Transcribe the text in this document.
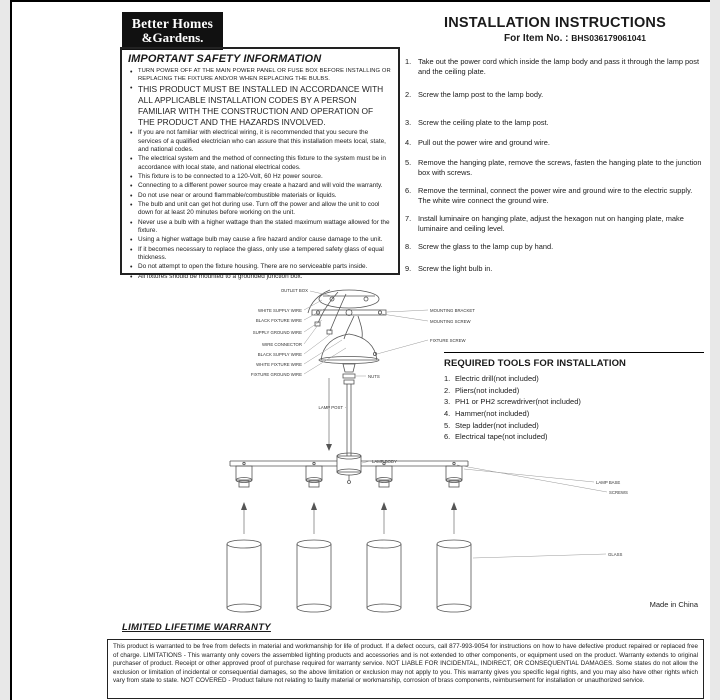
Better Homes
&Gardens.
INSTALLATION INSTRUCTIONS
For Item No. : BHS036179061041
IMPORTANT SAFETY INFORMATION
• TURN POWER OFF AT THE MAIN POWER PANEL OR FUSE BOX BEFORE INSTALLING OR REPLACING THE FIXTURE AND/OR WHEN REPLACING THE BULBS.
• THIS PRODUCT MUST BE INSTALLED IN ACCORDANCE WITH ALL APPLICABLE INSTALLATION CODES BY A PERSON FAMILIAR WITH THE CONSTRUCTION AND OPERATION OF THE PRODUCT AND THE HAZARDS INVOLVED.
• If you are not familiar with electrical wiring, it is recommended that you secure the services of a qualified electrician who can assure that this installation meets local, state, and national codes.
• The electrical system and the method of connecting this fixture to the system must be in accordance with local state, and national electrical codes.
• This fixture is to be connected to a 120-Volt, 60 Hz power source.
• Connecting to a different power source may create a hazard and will void the warranty.
• Do not use near or around flammable/combustible materials or liquids.
• The bulb and unit can get hot during use. Turn off the power and allow the unit to cool down for at least 20 minutes before working on the unit.
• Never use a bulb with a higher wattage than the stated maximum wattage allowed for the fixture.
• Using a higher wattage bulb may cause a fire hazard and/or cause damage to the unit.
• If it becomes necessary to replace the glass, only use a tempered safety glass of equal thickness.
• Do not attempt to open the fixture housing. There are no serviceable parts inside.
• All fixtures should be mounted to a grounded junction box.
1. Take out the power cord which inside the lamp body and pass it through the lamp post and the ceiling plate.
2. Screw the lamp post to the lamp body.
3. Screw the ceiling plate to the lamp post.
4. Pull out the power wire and ground wire.
5. Remove the hanging plate, remove the screws, fasten the hanging plate to the junction box with screws.
6. Remove the terminal, connect the power wire and ground wire to the electric supply. The white wire connect the ground wire.
7. Install luminaire on hanging plate, adjust the hexagon nut on hanging plate, make luminaire and ceiling level.
8. Screw the glass to the lamp cup by hand.
9. Screw the light bulb in.
REQUIRED TOOLS FOR INSTALLATION
1. Electric drill(not included)
2. Pliers(not included)
3. PH1 or PH2 screwdriver(not included)
4. Hammer(not included)
5. Step ladder(not included)
6. Electrical tape(not included)
OUTLET BOX
WHITE SUPPLY WIRE
BLACK FIXTURE WIRE
SUPPLY GROUND WIRE
WIRE CONNECTOR
BLACK SUPPLY WIRE
WHITE FIXTURE WIRE
FIXTURE GROUND WIRE
MOUNTING BRACKET
MOUNTING SCREW
FIXTURE SCREW
NUTS
LAMP POST
LAMP BODY
LAMP BASE
SCREWS
GLASS
Made in China
LIMITED LIFETIME WARRANTY
This product is warranted to be free from defects in material and workmanship for life of product. If a defect occurs, call 877-993-9054 for instructions on how to have defective product repaired or replaced free of charge. LIMITATIONS - This warranty only covers the assembled lighting products and accessories and is not extended to other components, or equipment used on the product. Warranty extends to original purchaser of product. Receipt or other approved proof of purchase required for warranty service. NOT LIABLE FOR INCIDENTAL, INDIRECT, OR CONSEQUENTIAL DAMAGES. Some states do not allow the exclusion or limitation of incidental or consequential damages, so the above limitation or exclusion may not apply to you. This warranty gives you specific legal rights, and you may also have other rights which vary from state to state. NOT COVERED - Product failure not relating to faulty material or workmanship, corrosion of brass components, reimbursement for installation or unauthorized service.
